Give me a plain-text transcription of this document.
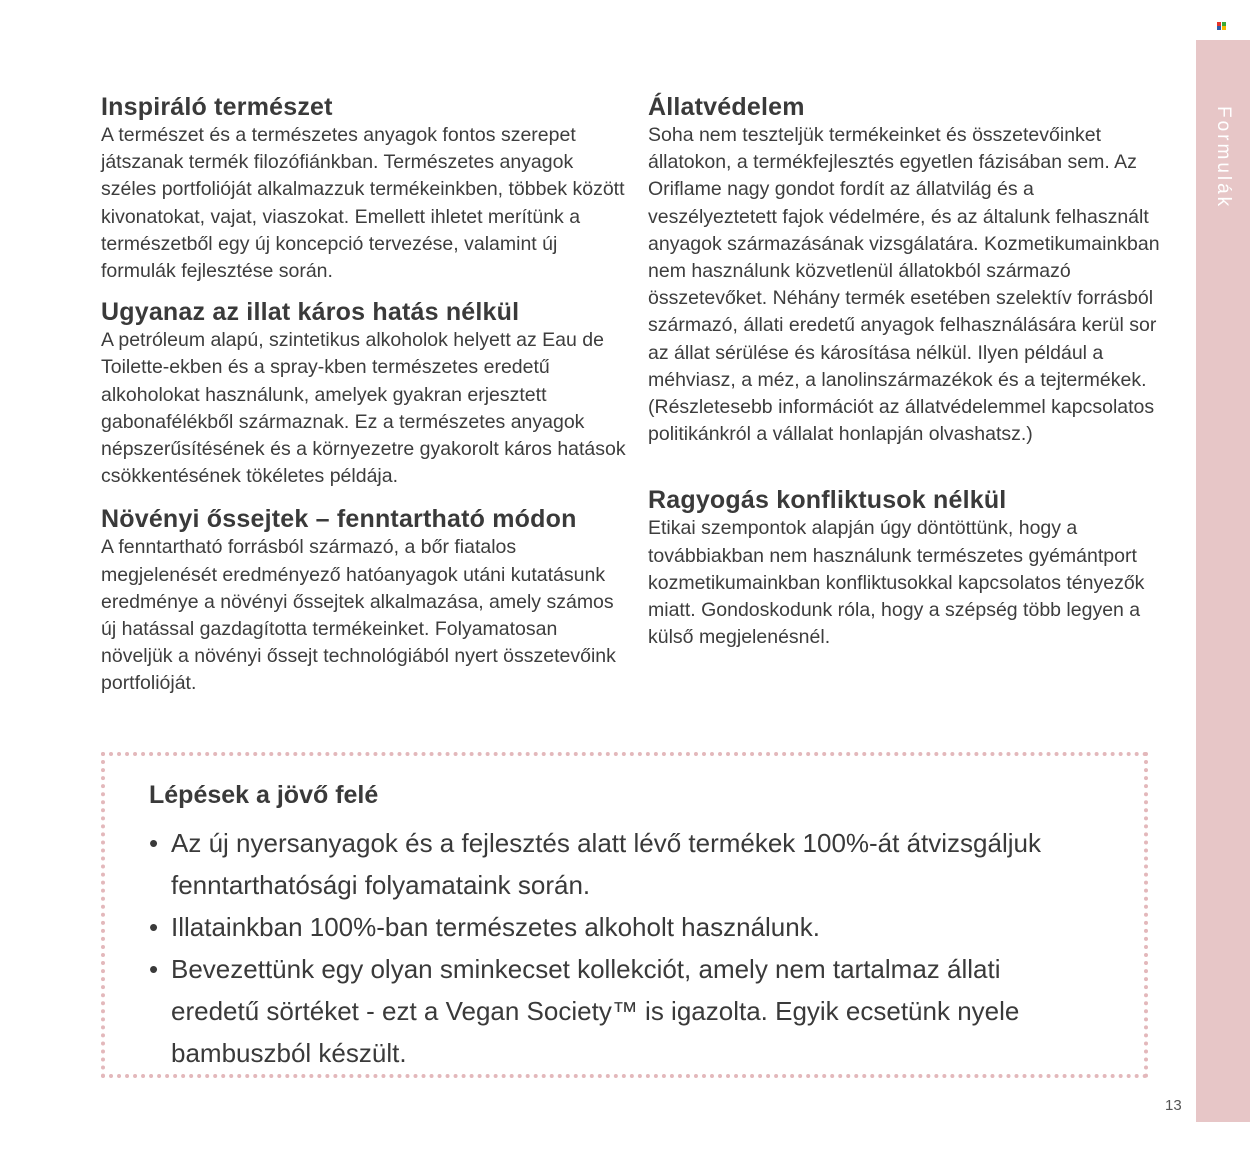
Formulák
Inspiráló természet

A természet és a természetes anyagok fontos szerepet játszanak termék filozófiánkban. Természetes anyagok széles portfolióját alkalmazzuk termékeinkben, többek között kivonatokat, vajat, viaszokat. Emellett ihletet merítünk a természetből egy új koncepció tervezése, valamint új formulák fejlesztése során.

Ugyanaz az illat káros hatás nélkül

A petróleum alapú, szintetikus alkoholok helyett az Eau de Toilette-ekben és a spray-kben természetes eredetű alkoholokat használunk, amelyek gyakran erjesztett gabonafélékből származnak. Ez a természetes anyagok népszerűsítésének és a környezetre gyakorolt káros hatások csökkentésének tökéletes példája.

Növényi őssejtek – fenntartható módon

A fenntartható forrásból származó, a bőr fiatalos megjelenését eredményező hatóanyagok utáni kutatásunk eredménye a növényi őssejtek alkalmazása, amely számos új hatással gazdagította termékeinket. Folyamatosan növeljük a növényi őssejt technológiából nyert összetevőink portfolióját.

Állatvédelem

Soha nem teszteljük termékeinket és összetevőinket állatokon, a termékfejlesztés egyetlen fázisában sem. Az Oriflame nagy gondot fordít az állatvilág és a veszélyeztetett fajok védelmére, és az általunk felhasznált anyagok származásának vizsgálatára. Kozmetikumainkban nem használunk közvetlenül állatokból származó összetevőket. Néhány termék esetében szelektív forrásból származó, állati eredetű anyagok felhasználására kerül sor az állat sérülése és károsítása nélkül. Ilyen például a méhviasz, a méz, a lanolinszármazékok és a tejtermékek. (Részletesebb információt az állatvédelemmel kapcsolatos politikánkról a vállalat honlapján olvashatsz.)

Ragyogás konfliktusok nélkül

Etikai szempontok alapján úgy döntöttünk, hogy a továbbiakban nem használunk természetes gyémántport kozmetikumainkban konfliktusokkal kapcsolatos tényezők miatt. Gondoskodunk róla, hogy a szépség több legyen a külső megjelenésnél.

Lépések a jövő felé
• Az új nyersanyagok és a fejlesztés alatt lévő termékek 100%-át átvizsgáljuk fenntarthatósági folyamataink során.
• Illatainkban 100%-ban természetes alkoholt használunk.
• Bevezettünk egy olyan sminkecset kollekciót, amely nem tartalmaz állati eredetű sörtéket - ezt a Vegan Society™ is igazolta. Egyik ecsetünk nyele bambuszból készült.
13
